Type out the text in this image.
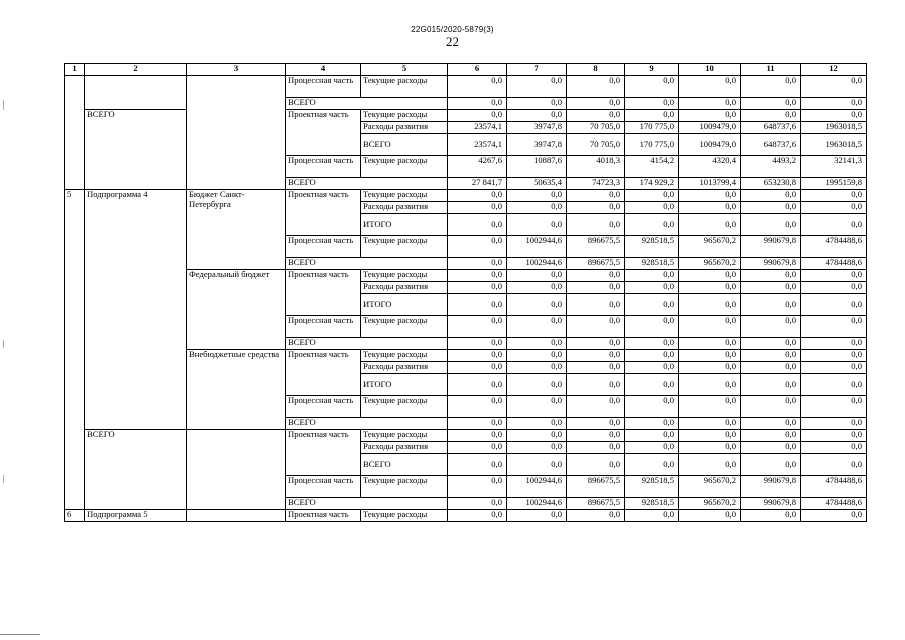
22G015/2020-5879(3)
22
1	2	3	4	5	6	7	8	9	10	11	12
			Процессная часть	Текущие расходы	0,0	0,0	0,0	0,0	0,0	0,0	0,0
			ВСЕГО		0,0	0,0	0,0	0,0	0,0	0,0	0,0
	ВСЕГО		Проектная часть	Текущие расходы	0,0	0,0	0,0	0,0	0,0	0,0	0,0
				Расходы развития	23574,1	39747,8	70 705,0	170 775,0	1009479,0	648737,6	1963018,5
				ВСЕГО	23574,1	39747,8	70 705,0	170 775,0	1009479,0	648737,6	1963018,5
			Процессная часть	Текущие расходы	4267,6	10887,6	4018,3	4154,2	4320,4	4493,2	32141,3
			ВСЕГО		27 841,7	50635,4	74723,3	174 929,2	1013799,4	653230,8	1995159,8
5	Подпрограмма 4	Бюджет Санкт-Петербурга	Проектная часть	Текущие расходы	0,0	0,0	0,0	0,0	0,0	0,0	0,0
				Расходы развития	0,0	0,0	0,0	0,0	0,0	0,0	0,0
				ИТОГО	0,0	0,0	0,0	0,0	0,0	0,0	0,0
			Процессная часть	Текущие расходы	0,0	1002944,6	896675,5	928518,5	965670,2	990679,8	4784488,6
			ВСЕГО		0,0	1002944,6	896675,5	928518,5	965670,2	990679,8	4784488,6
		Федеральный бюджет	Проектная часть	Текущие расходы	0,0	0,0	0,0	0,0	0,0	0,0	0,0
				Расходы развития	0,0	0,0	0,0	0,0	0,0	0,0	0,0
				ИТОГО	0,0	0,0	0,0	0,0	0,0	0,0	0,0
			Процессная часть	Текущие расходы	0,0	0,0	0,0	0,0	0,0	0,0	0,0
			ВСЕГО		0,0	0,0	0,0	0,0	0,0	0,0	0,0
		Внебюджетные средства	Проектная часть	Текущие расходы	0,0	0,0	0,0	0,0	0,0	0,0	0,0
				Расходы развития	0,0	0,0	0,0	0,0	0,0	0,0	0,0
				ИТОГО	0,0	0,0	0,0	0,0	0,0	0,0	0,0
			Процессная часть	Текущие расходы	0,0	0,0	0,0	0,0	0,0	0,0	0,0
			ВСЕГО		0,0	0,0	0,0	0,0	0,0	0,0	0,0
	ВСЕГО		Проектная часть	Текущие расходы	0,0	0,0	0,0	0,0	0,0	0,0	0,0
				Расходы развития	0,0	0,0	0,0	0,0	0,0	0,0	0,0
				ВСЕГО	0,0	0,0	0,0	0,0	0,0	0,0	0,0
			Процессная часть	Текущие расходы	0,0	1002944,6	896675,5	928518,5	965670,2	990679,8	4784488,6
			ВСЕГО		0,0	1002944,6	896675,5	928518,5	965670,2	990679,8	4784488,6
6	Подпрограмма 5		Проектная часть	Текущие расходы	0,0	0,0	0,0	0,0	0,0	0,0	0,0
